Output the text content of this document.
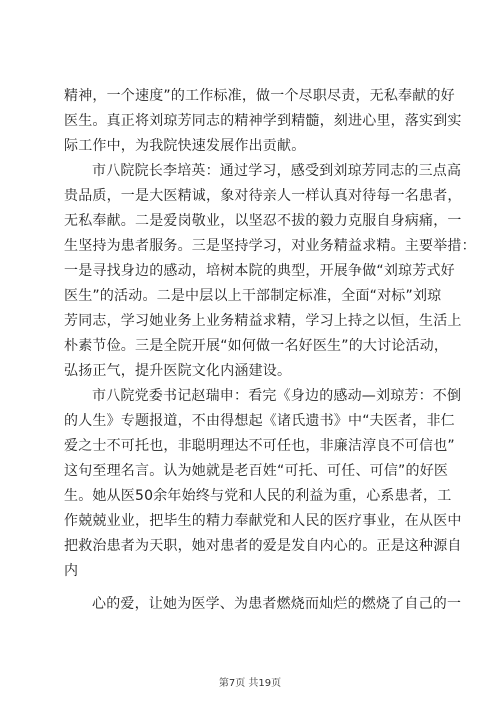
精神，一个速度”的工作标准，做一个尽职尽责，无私奉献的好
医生。真正将刘琼芳同志的精神学到精髓，刻进心里，落实到实
际工作中，为我院快速发展作出贡献。
市八院院长李培英：通过学习，感受到刘琼芳同志的三点高
贵品质，一是大医精诚，象对待亲人一样认真对待每一名患者，
无私奉献。二是爱岗敬业，以坚忍不拔的毅力克服自身病痛，一
生坚持为患者服务。三是坚持学习，对业务精益求精。主要举措：
一是寻找身边的感动，培树本院的典型，开展争做“刘琼芳式好
医生”的活动。二是中层以上干部制定标准，全面“对标”刘琼
芳同志，学习她业务上业务精益求精，学习上持之以恒，生活上
朴素节俭。三是全院开展“如何做一名好医生”的大讨论活动，
弘扬正气，提升医院文化内涵建设。
市八院党委书记赵瑞申：看完《身边的感动—刘琼芳：不倒
的人生》专题报道，不由得想起《诸氏遗书》中“夫医者，非仁
爱之士不可托也，非聪明理达不可任也，非廉洁淳良不可信也”
这句至理名言。认为她就是老百姓“可托、可任、可信”的好医
生。她从医50余年始终与党和人民的利益为重，心系患者，工
作兢兢业业，把毕生的精力奉献党和人民的医疗事业，在从医中
把救治患者为天职，她对患者的爱是发自内心的。正是这种源自
内
心的爱，让她为医学、为患者燃烧而灿烂的燃烧了自己的一
第7页 共19页
